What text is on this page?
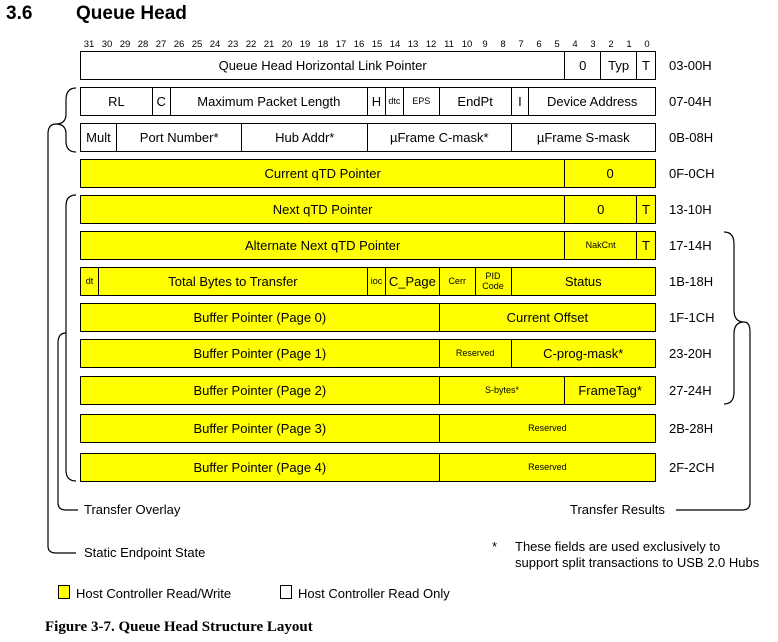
3.6 Queue Head
31 30 29 28 27 26 25 24 23 22 21 20 19 18 17 16 15 14 13 12 11 10	9	8	7	6	5	4	3	2	1	0
Queue Head Horizontal Link Pointer	0	Typ T	03-00H
RL	C	Maximum Packet Length	H dtc	EPS	EndPt	I	Device Address	07-04H
Mult	Port Number*	Hub Addr*	µFrame C-mask*	µFrame S-mask	0B-08H
Current qTD Pointer	0	0F-0CH
Next qTD Pointer	0	T	13-10H
Alternate Next qTD Pointer	NakCnt	T	17-14H
dt	Total Bytes to Transfer	ioc C_Page	Cerr	PID Code	Status	1B-18H
Buffer Pointer (Page 0)	Current Offset	1F-1CH
Buffer Pointer (Page 1)	Reserved	C-prog-mask*	23-20H
Buffer Pointer (Page 2)	S-bytes*	FrameTag*	27-24H
Buffer Pointer (Page 3)	Reserved	2B-28H
Buffer Pointer (Page 4)	Reserved	2F-2CH
Transfer Overlay	Transfer Results
Static Endpoint State	* These fields are used exclusively to support split transactions to USB 2.0 Hubs
Host Controller Read/Write	Host Controller Read Only
Figure 3-7. Queue Head Structure Layout
